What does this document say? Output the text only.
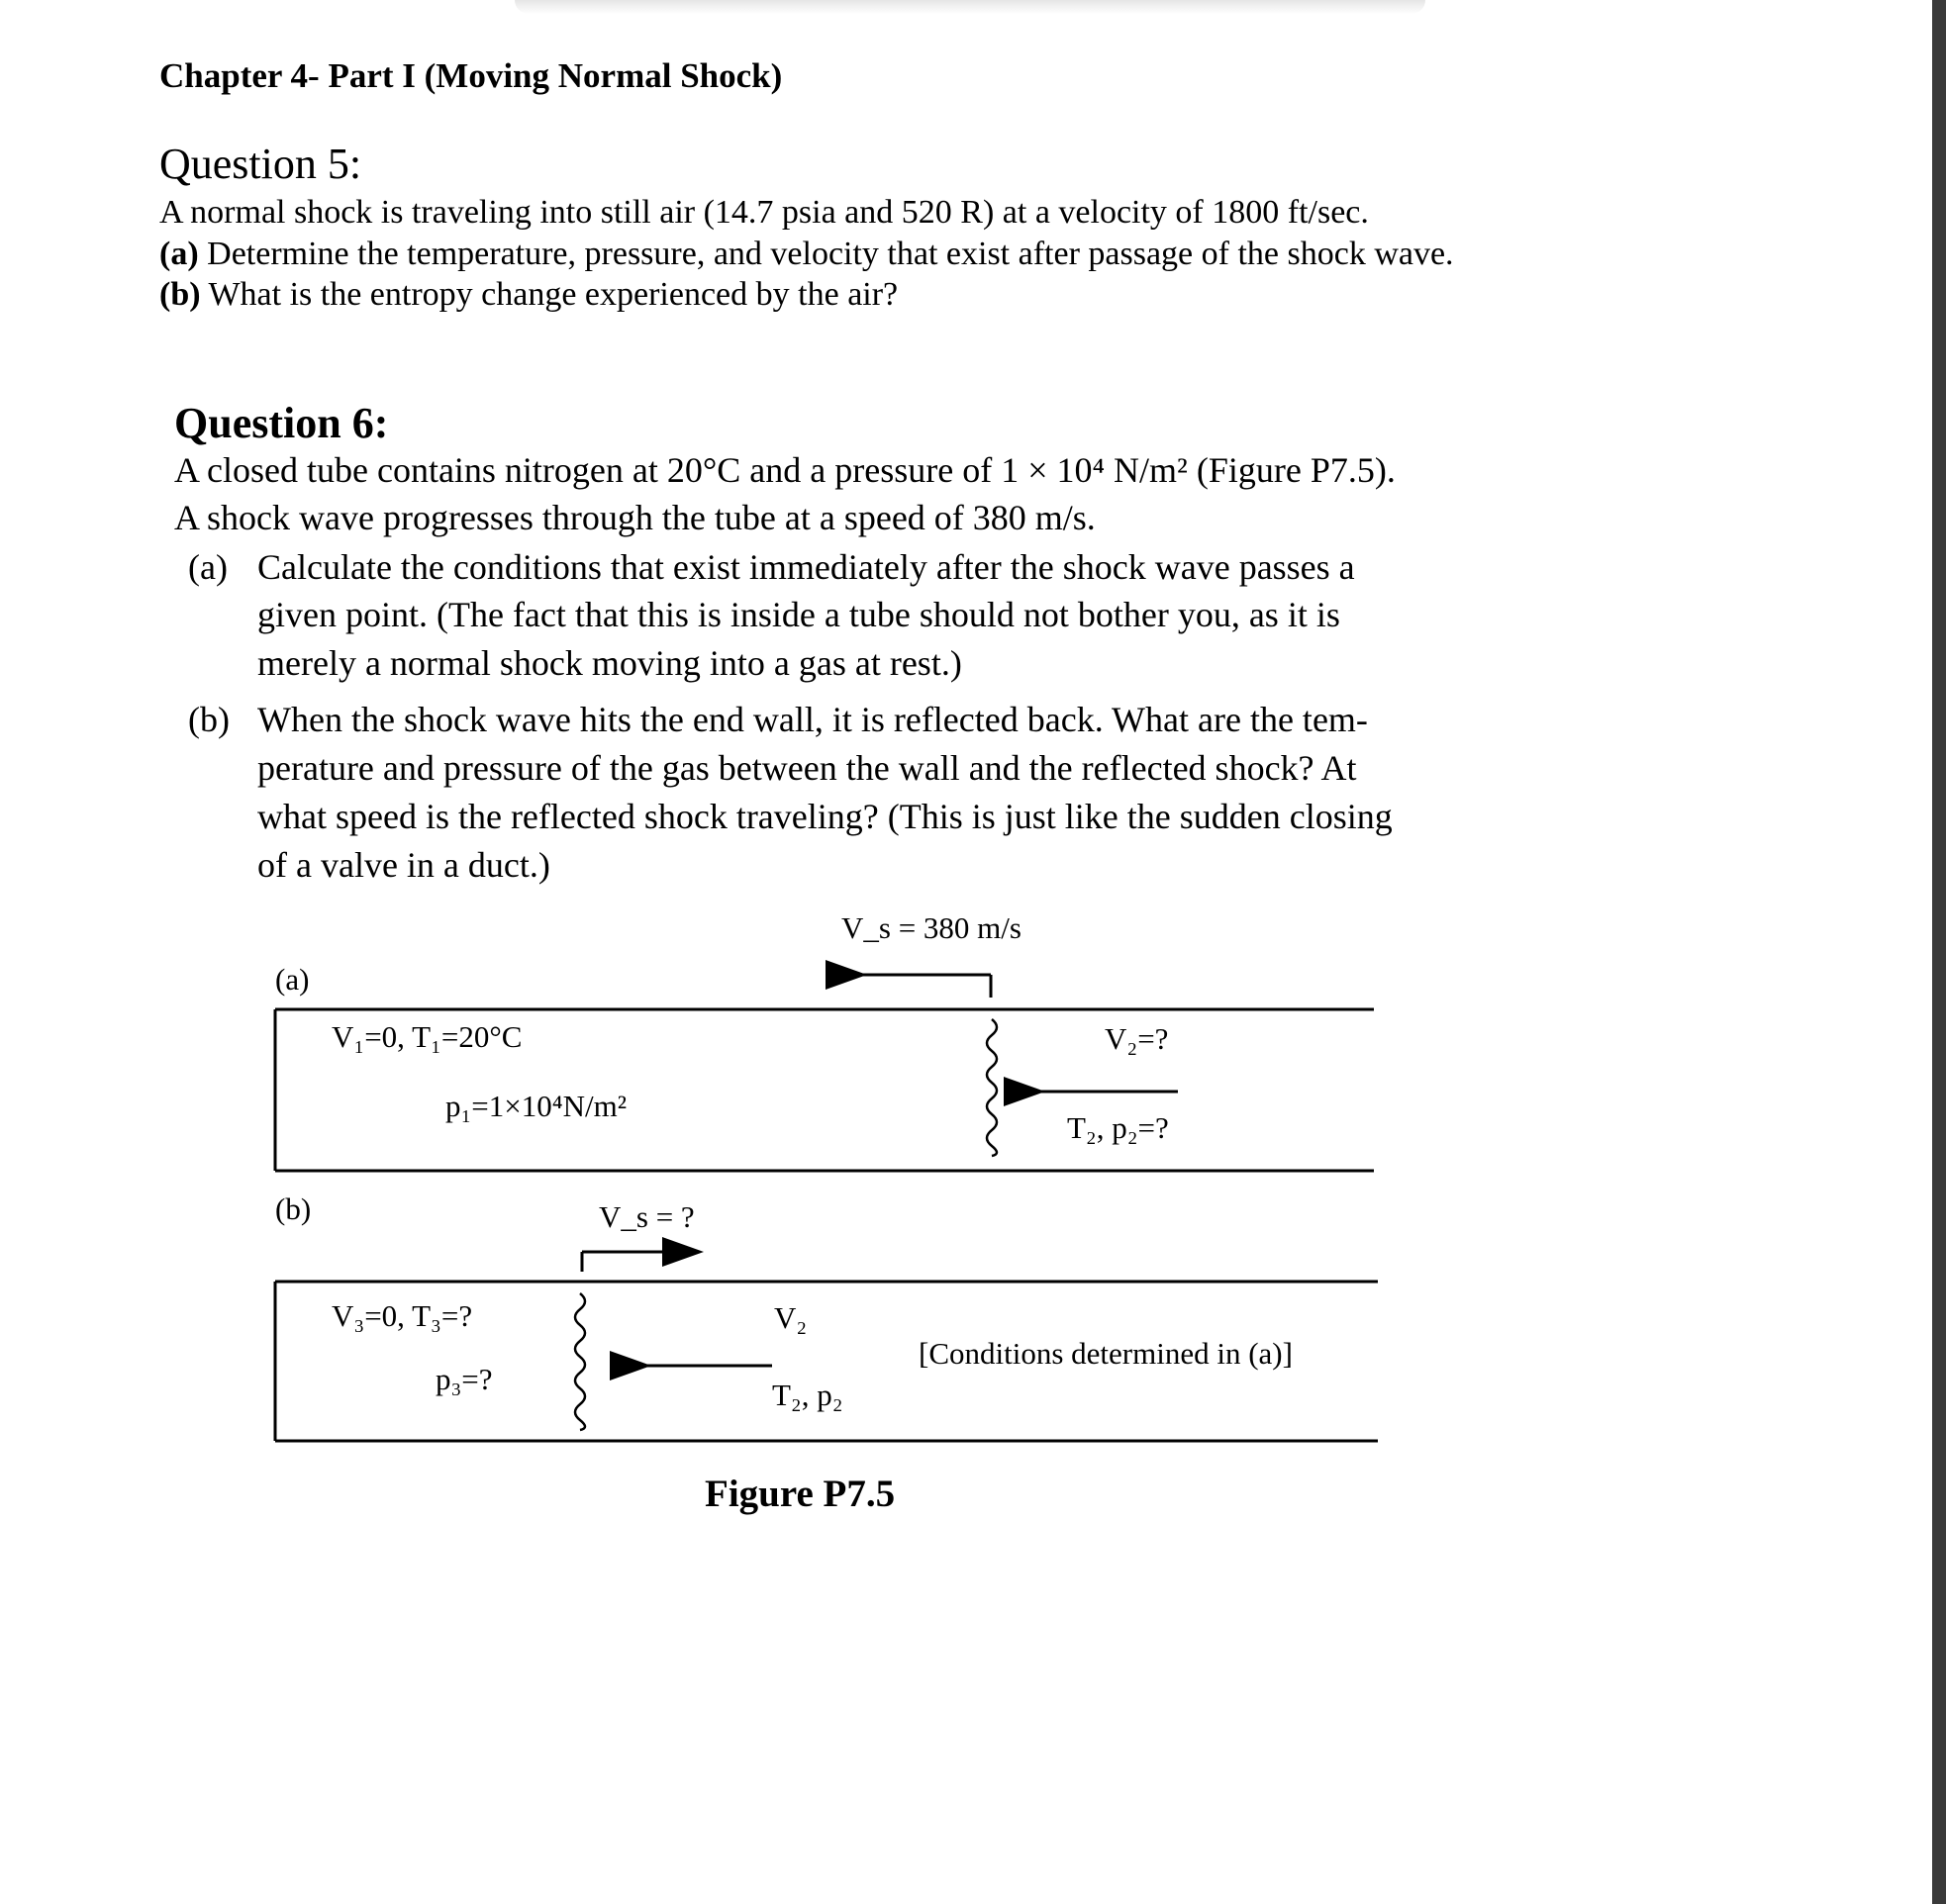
Chapter 4- Part I (Moving Normal Shock)
Question 5:
A normal shock is traveling into still air (14.7 psia and 520 R) at a velocity of 1800 ft/sec.
(a) Determine the temperature, pressure, and velocity that exist after passage of the shock wave.
(b) What is the entropy change experienced by the air?
Question 6:
A closed tube contains nitrogen at 20°C and a pressure of 1 × 10⁴ N/m² (Figure P7.5).
A shock wave progresses through the tube at a speed of 380 m/s.
(a) Calculate the conditions that exist immediately after the shock wave passes a
given point. (The fact that this is inside a tube should not bother you, as it is
merely a normal shock moving into a gas at rest.)
(b) When the shock wave hits the end wall, it is reflected back. What are the tem-
perature and pressure of the gas between the wall and the reflected shock? At
what speed is the reflected shock traveling? (This is just like the sudden closing
of a valve in a duct.)
(a)
V_s = 380 m/s
V₁=0, T₁=20°C
p₁=1×10⁴N/m²
V₂=?
T₂, p₂=?
(b)	V_s = ?
V₃=0, T₃=?
p₃=?
V₂
T₂, p₂
[Conditions determined in (a)]
Figure P7.5
